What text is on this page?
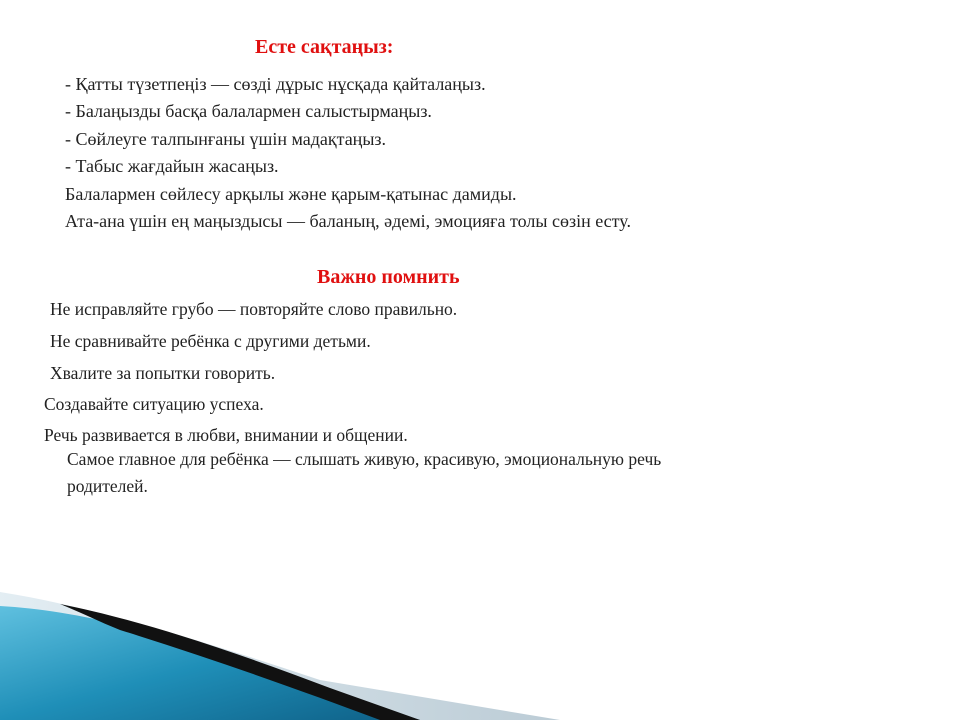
Есте сақтаңыз:
- Қатты түзетпеңіз — сөзді дұрыс нұсқада қайталаңыз.
- Балаңызды басқа балалармен салыстырмаңыз.
- Сөйлеуге талпынғаны үшін мадақтаңыз.
- Табыс жағдайын жасаңыз.
Балалармен сөйлесу арқылы және қарым-қатынас дамиды.
Ата-ана үшін ең маңыздысы — баланың, әдемі, эмоцияға толы сөзін есту.
Важно помнить

Не исправляйте грубо — повторяйте слово правильно.

Не сравнивайте ребёнка с другими детьми.

Хвалите за попытки говорить.

Создавайте ситуацию успеха.

Речь развивается в любви, внимании и общении.

Самое главное для ребёнка — слышать живую, красивую, эмоциональную речь

родителей.
